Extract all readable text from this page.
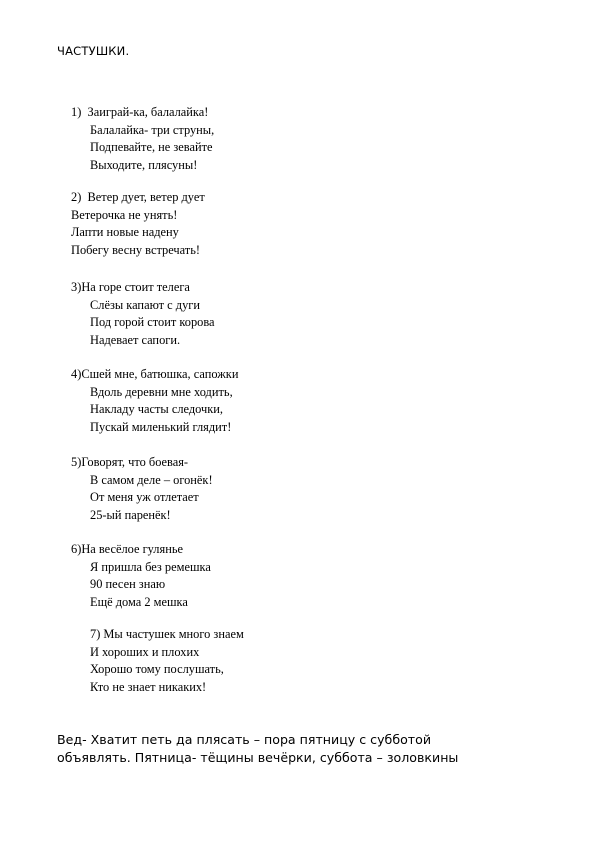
ЧАСТУШКИ.
1)  Заиграй-ка, балалайка!
Балалайка- три струны,
Подпевайте, не зевайте
Выходите, плясуны!
2)  Ветер дует, ветер дует
Ветерочка не унять!
Лапти новые надену
Побегу весну встречать!
3)На горе стоит телега
Слёзы капают с дуги
Под горой стоит корова
Надевает сапоги.
4)Сшей мне, батюшка, сапожки
Вдоль деревни мне ходить,
Накладу часты следочки,
Пускай миленький глядит!
5)Говорят, что боевая-
В самом деле – огонёк!
От меня уж отлетает
25-ый паренёк!
6)На весёлое гулянье
Я пришла без ремешка
90 песен знаю
Ещё дома 2 мешка
7) Мы частушек много знаем
И хороших и плохих
Хорошо тому послушать,
Кто не знает никаких!
Вед- Хватит петь да плясать – пора пятницу с субботой
объявлять. Пятница- тёщины вечёрки, суббота – золовкины
